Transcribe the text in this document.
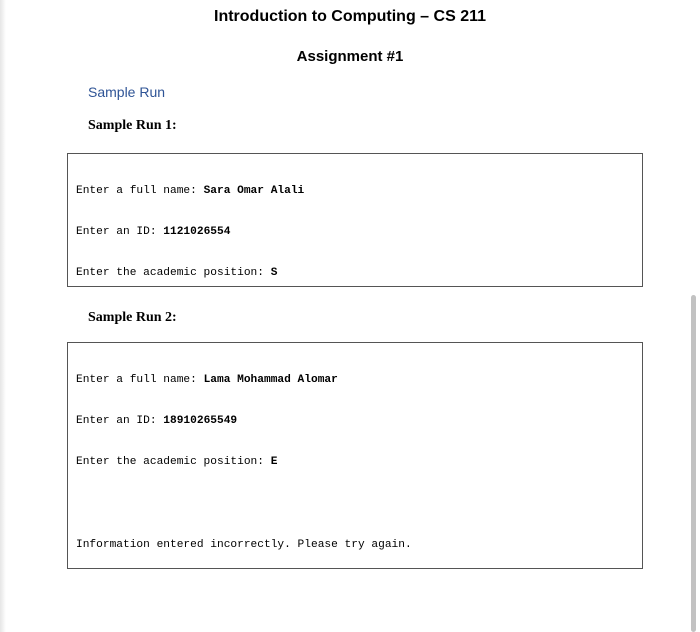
Introduction to Computing – CS 211
Assignment #1
Sample Run
Sample Run 1:

Enter a full name: Sara Omar Alali

Enter an ID: 1121026554

Enter the academic position: S

Sample Run 2:

Enter a full name: Lama Mohammad Alomar

Enter an ID: 18910265549

Enter the academic position: E

Information entered incorrectly. Please try again.
